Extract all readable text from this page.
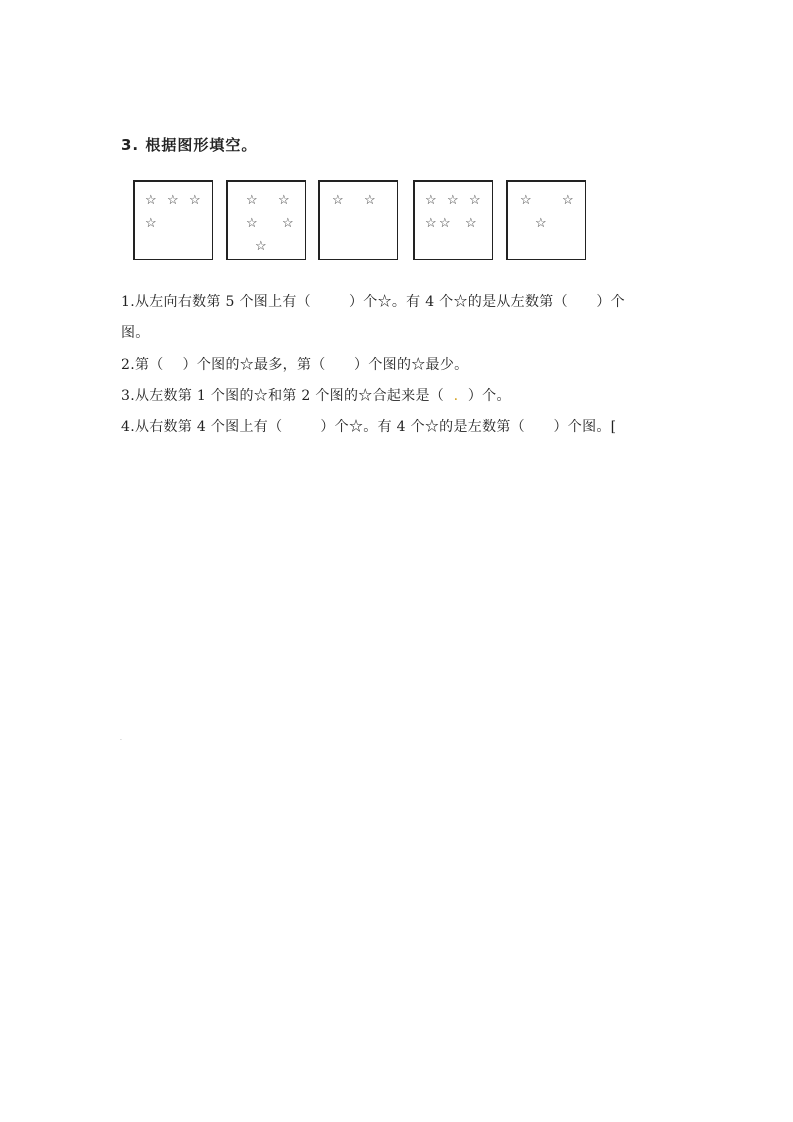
3. 根据图形填空。
☆ ☆ ☆
☆
☆ ☆
☆ ☆
☆
☆ ☆	☆ ☆ ☆
☆ ☆ ☆
☆ ☆
☆
1.从左向右数第 5 个图上有（        ）个☆。有 4 个☆的是从左数第（      ）个
图。
2.第（    ）个图的☆最多，第（      ）个图的☆最少。
3.从左数第 1 个图的☆和第 2 个图的☆合起来是（  .  ）个。
4.从右数第 4 个图上有（        ）个☆。有 4 个☆的是左数第（      ）个图。[
.
